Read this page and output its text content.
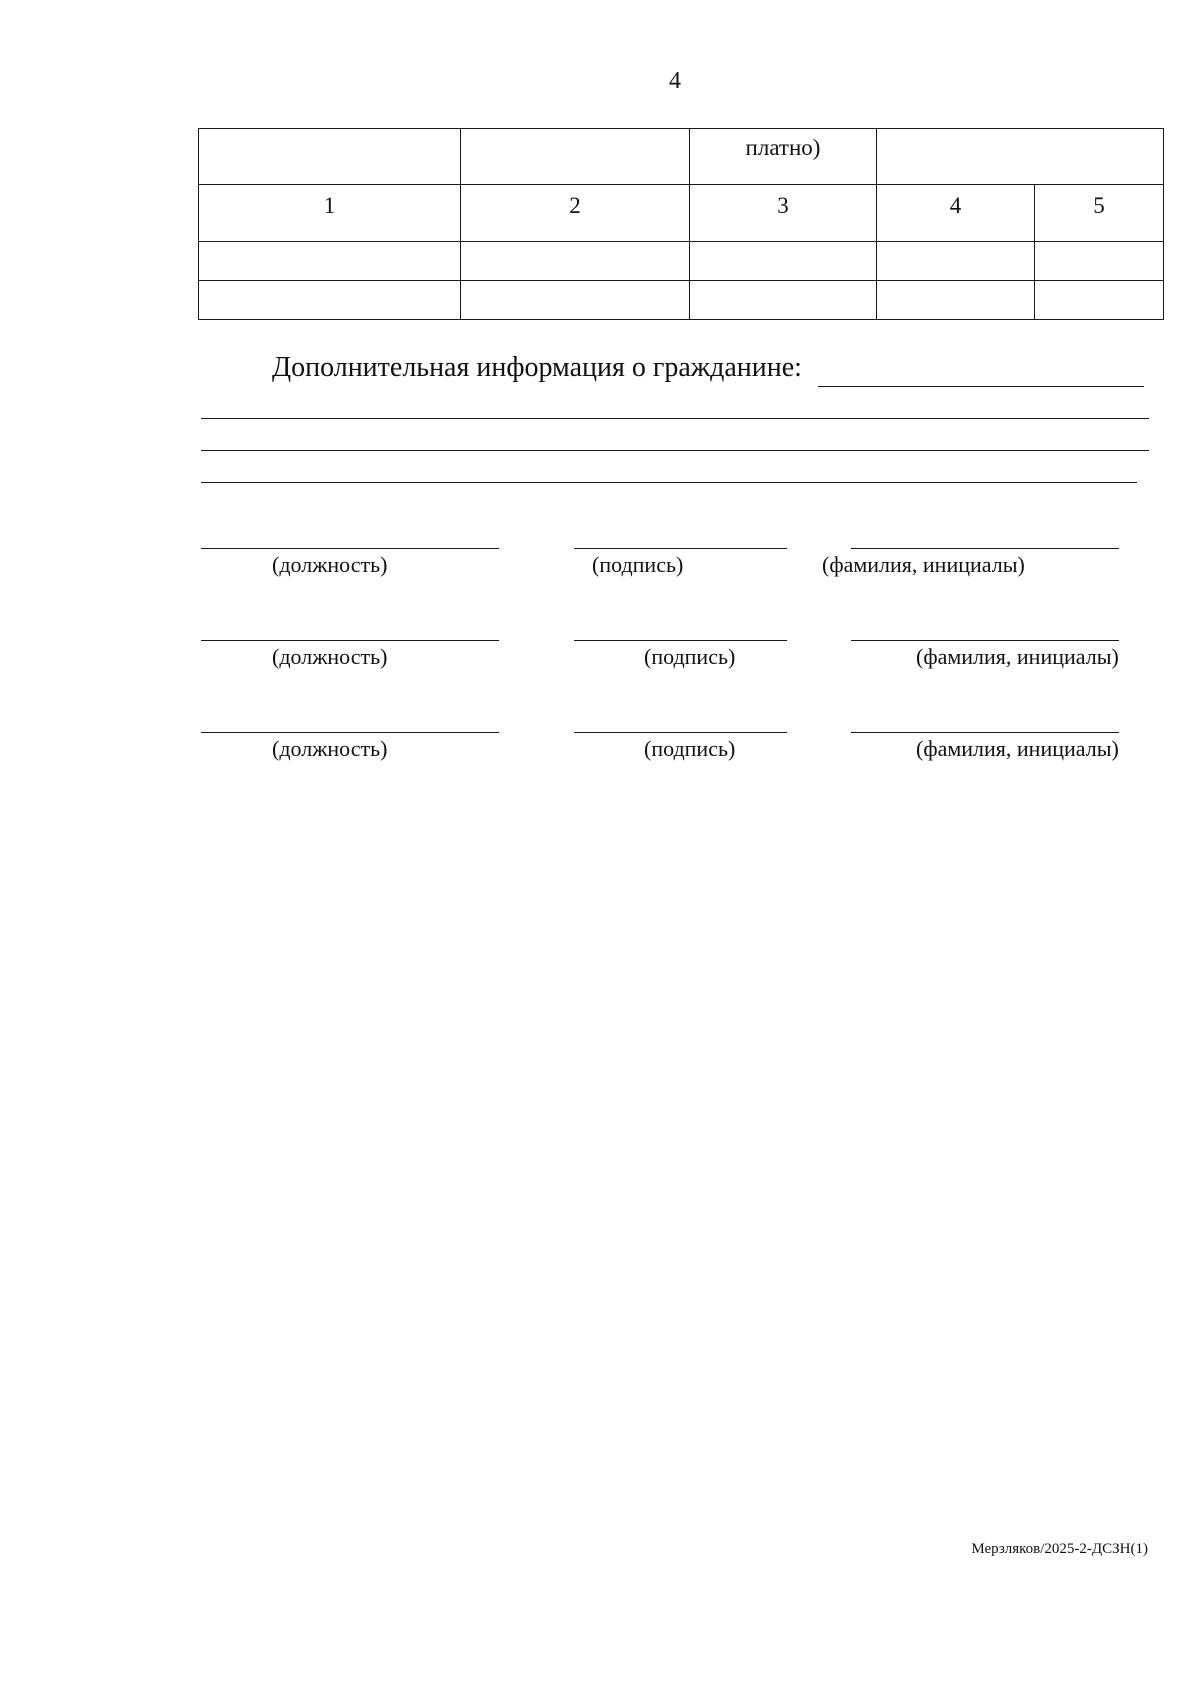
4

		платно)		

1	2	3	4	5

Дополнительная информация о гражданине:
(должность)	(подпись)	(фамилия, инициалы)
(должность)	(подпись)	(фамилия, инициалы)
(должность)	(подпись)	(фамилия, инициалы)
Мерзляков/2025-2-ДСЗН(1)
